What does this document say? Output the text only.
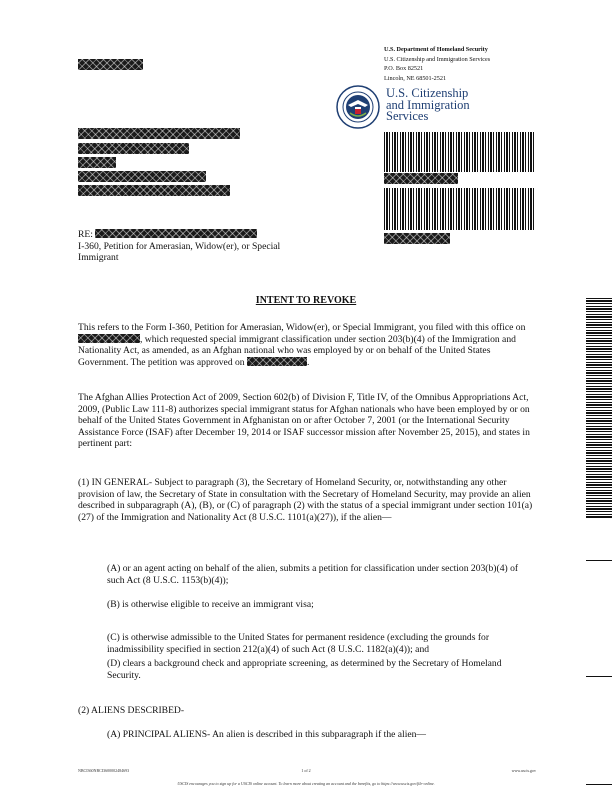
U.S. Department of Homeland Security
U.S. Citizenship and Immigration Services
P.O. Box 82521
Lincoln, NE 68501-2521
U.S. Citizenship
and Immigration
Services
RE:
I-360, Petition for Amerasian, Widow(er), or Special
Immigrant
INTENT TO REVOKE
This refers to the Form I-360, Petition for Amerasian, Widow(er), or Special Immigrant, you filed with this office on , which requested special immigrant classification under section 203(b)(4) of the Immigration and Nationality Act, as amended, as an Afghan national who was employed by or on behalf of the United States Government. The petition was approved on	.
The Afghan Allies Protection Act of 2009, Section 602(b) of Division F, Title IV, of the Omnibus Appropriations Act, 2009, (Public Law 111-8) authorizes special immigrant status for Afghan nationals who have been employed by or on behalf of the United States Government in Afghanistan on or after October 7, 2001 (or the International Security Assistance Force (ISAF) after December 19, 2014 or ISAF successor mission after November 25, 2015), and states in pertinent part:
(1) IN GENERAL- Subject to paragraph (3), the Secretary of Homeland Security, or, notwithstanding any other provision of law, the Secretary of State in consultation with the Secretary of Homeland Security, may provide an alien described in subparagraph (A), (B), or (C) of paragraph (2) with the status of a special immigrant under section 101(a)(27) of the Immigration and Nationality Act (8 U.S.C. 1101(a)(27)), if the alien—
(A) or an agent acting on behalf of the alien, submits a petition for classification under section 203(b)(4) of such Act (8 U.S.C. 1153(b)(4));
(B) is otherwise eligible to receive an immigrant visa;
(C) is otherwise admissible to the United States for permanent residence (excluding the grounds for inadmissibility specified in section 212(a)(4) of such Act (8 U.S.C. 1182(a)(4)); and
(D) clears a background check and appropriate screening, as determined by the Secretary of Homeland Security.
(2) ALIENS DESCRIBED-
(A) PRINCIPAL ALIENS- An alien is described in this subparagraph if the alien—
NBCI360NBCI3600002484693	1 of 2	www.uscis.gov
USCIS encourages you to sign up for a USCIS online account. To learn more about creating an account and the benefits, go to https://www.uscis.gov/file-online.
